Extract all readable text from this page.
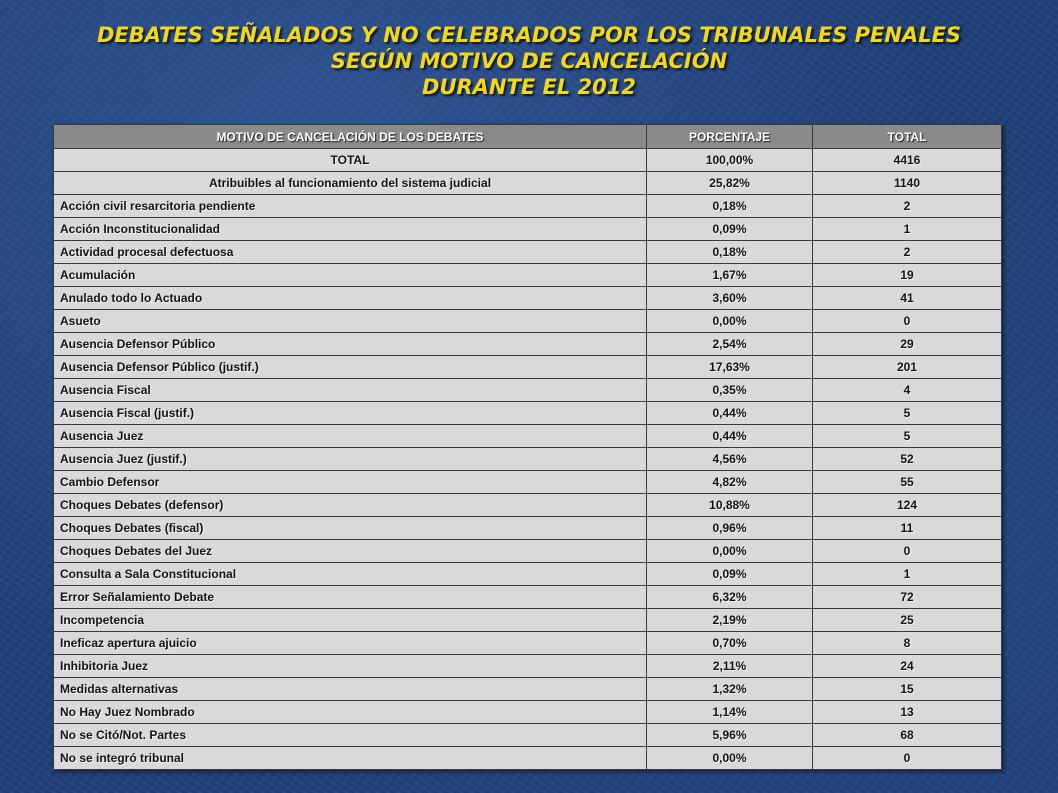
DEBATES SEÑALADOS Y NO CELEBRADOS POR LOS TRIBUNALES PENALES

SEGÚN MOTIVO DE CANCELACIÓN

DURANTE EL 2012

MOTIVO DE CANCELACIÓN DE LOS DEBATES	PORCENTAJE	TOTAL
TOTAL	100,00%	4416
Atribuibles al funcionamiento del sistema judicial	25,82%	1140
Acción civil resarcitoria pendiente	0,18%	2
Acción Inconstitucionalidad	0,09%	1
Actividad procesal defectuosa	0,18%	2
Acumulación	1,67%	19
Anulado todo lo Actuado	3,60%	41
Asueto	0,00%	0
Ausencia Defensor Público	2,54%	29
Ausencia Defensor Público (justif.)	17,63%	201
Ausencia Fiscal	0,35%	4
Ausencia Fiscal (justif.)	0,44%	5
Ausencia Juez	0,44%	5
Ausencia Juez (justif.)	4,56%	52
Cambio Defensor	4,82%	55
Choques Debates (defensor)	10,88%	124
Choques Debates (fiscal)	0,96%	11
Choques Debates del Juez	0,00%	0
Consulta a Sala Constitucional	0,09%	1
Error Señalamiento Debate	6,32%	72
Incompetencia	2,19%	25
Ineficaz apertura ajuicio	0,70%	8
Inhibitoria Juez	2,11%	24
Medidas alternativas	1,32%	15
No Hay Juez Nombrado	1,14%	13
No se Citó/Not. Partes	5,96%	68
No se integró tribunal	0,00%	0
